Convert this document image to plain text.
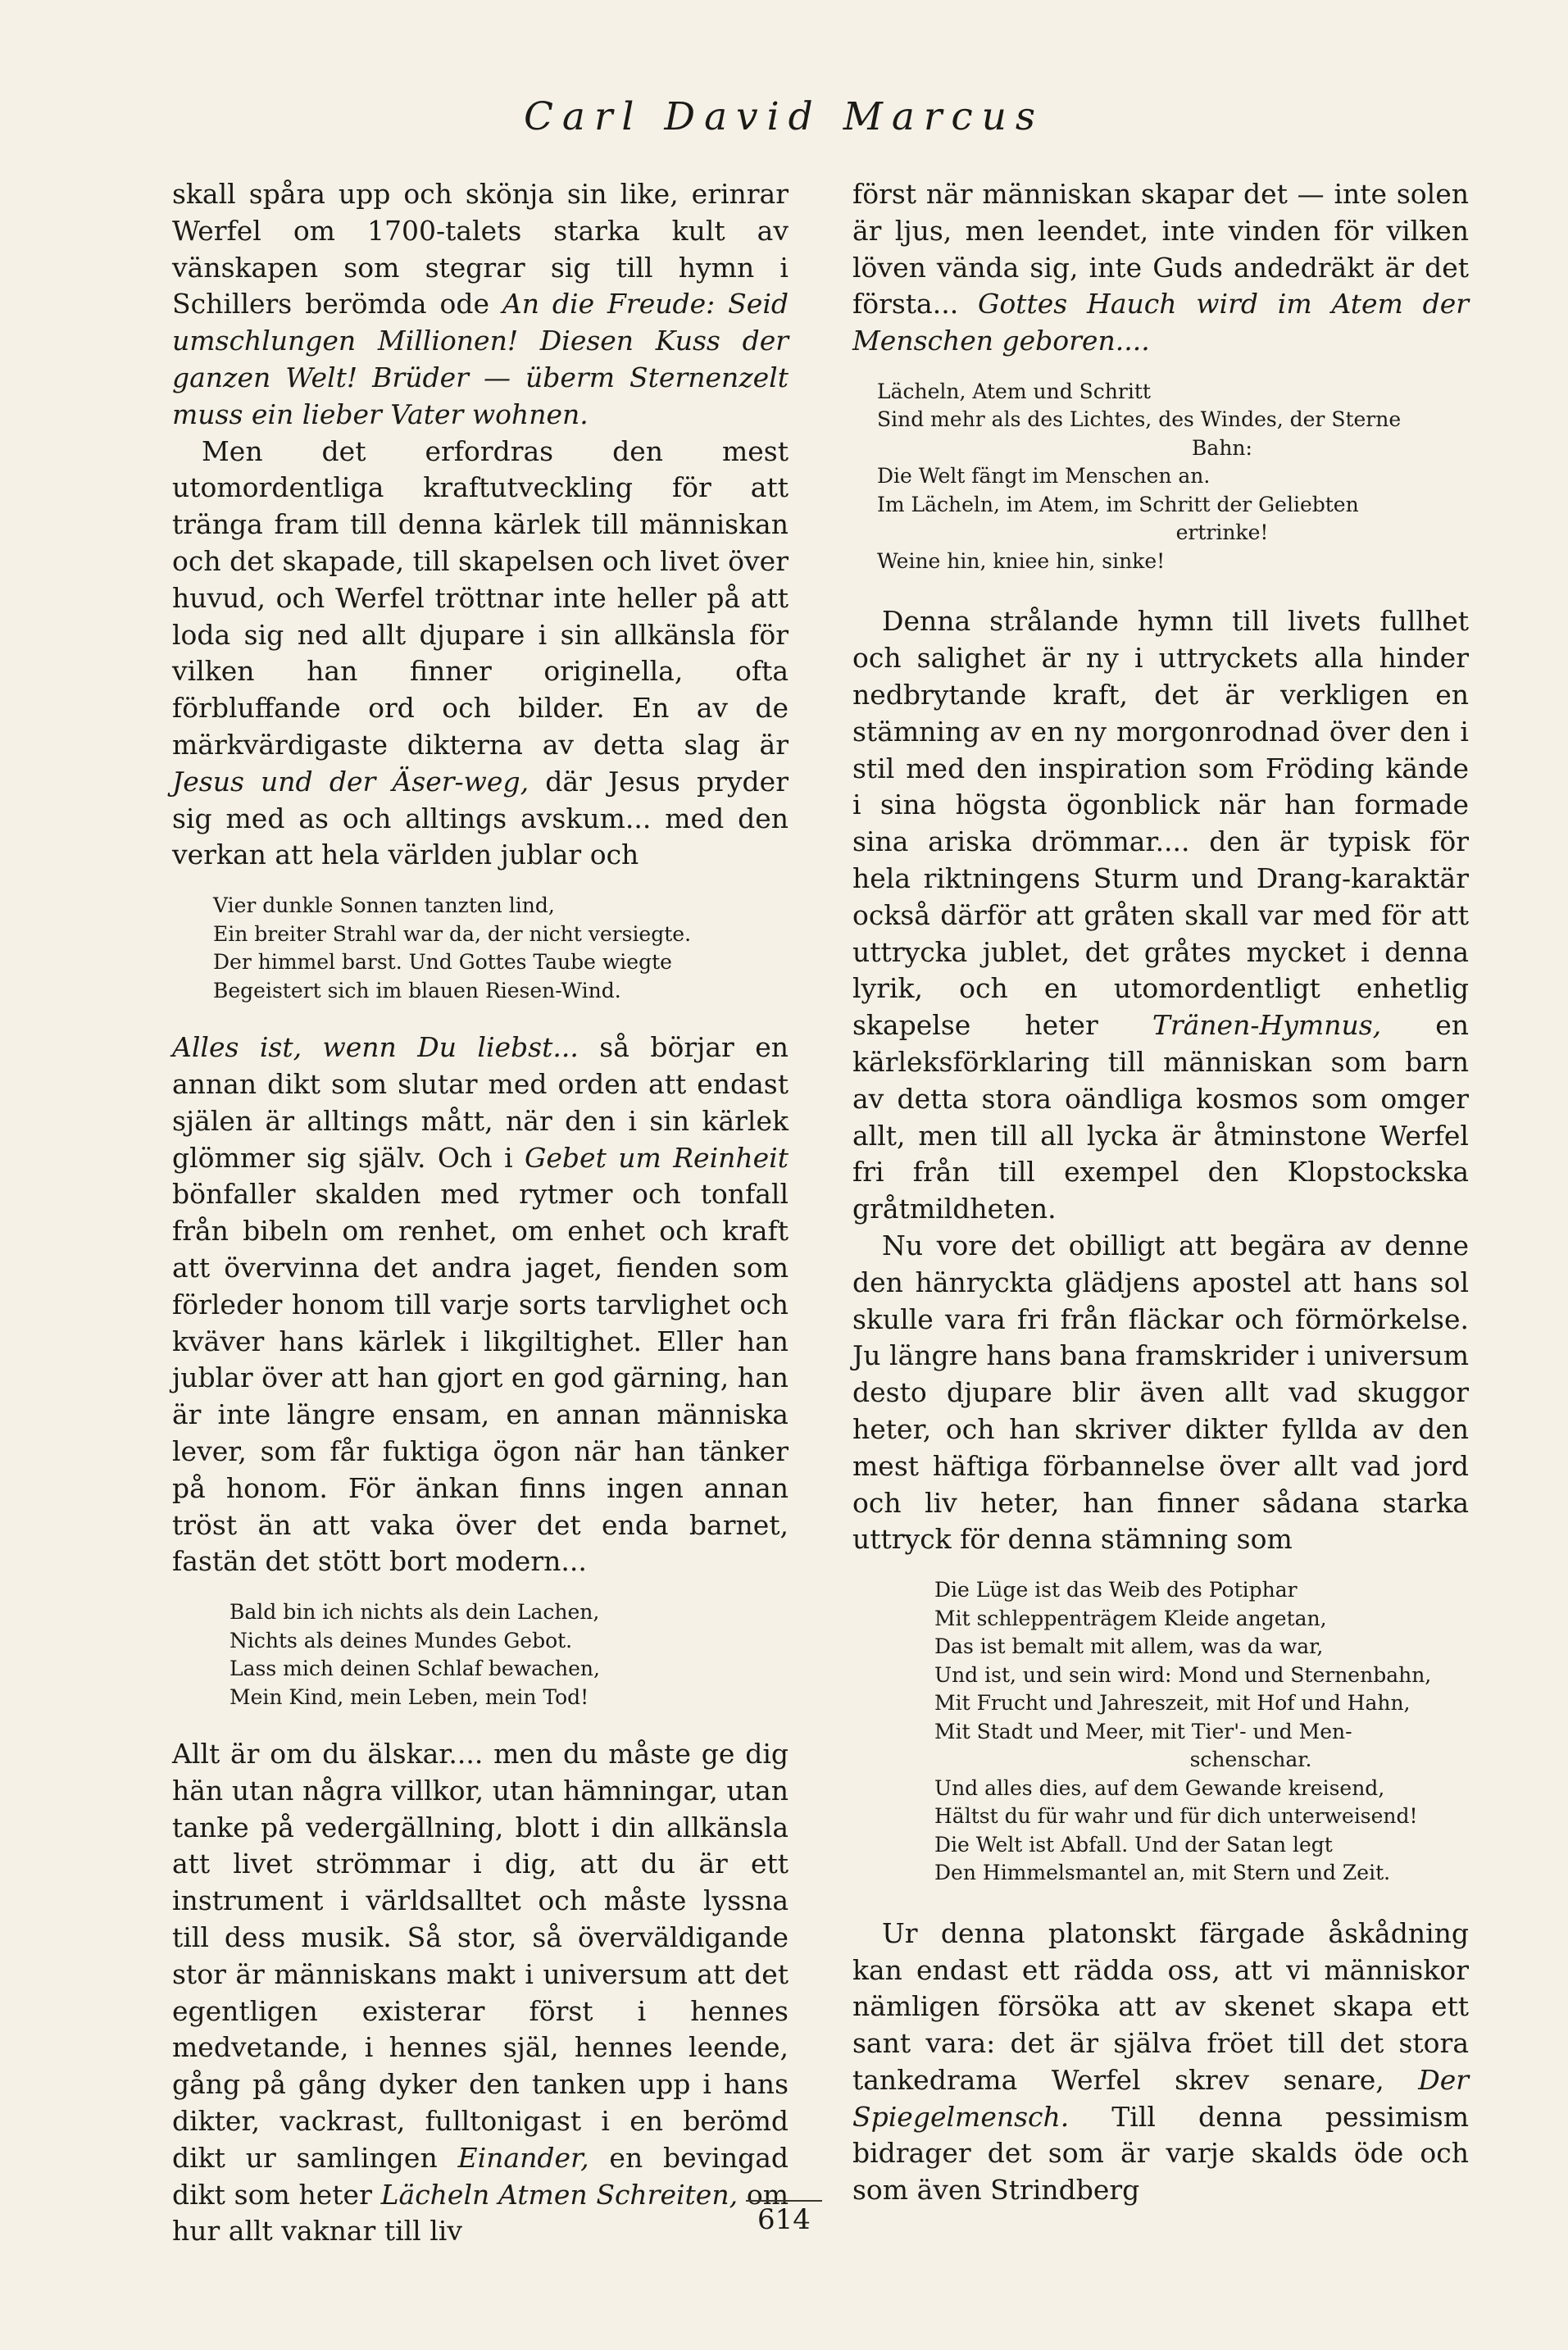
Carl David Marcus

skall spåra upp och skönja sin like, erinrar Werfel om 1700-talets starka kult av vänskapen som stegrar sig till hymn i Schillers berömda ode An die Freude: Seid umschlungen Millionen! Diesen Kuss der ganzen Welt! Brüder — überm Sternenzelt muss ein lieber Vater wohnen.

Men det erfordras den mest utomordentliga kraftutveckling för att tränga fram till denna kärlek till människan och det skapade, till skapelsen och livet över huvud, och Werfel tröttnar inte heller på att loda sig ned allt djupare i sin allkänsla för vilken han finner originella, ofta förbluffande ord och bilder. En av de märkvärdigaste dikterna av detta slag är Jesus und der Äser-weg, där Jesus pryder sig med as och alltings avskum... med den verkan att hela världen jublar och

Vier dunkle Sonnen tanzten lind,
Ein breiter Strahl war da, der nicht versiegte.
Der himmel barst. Und Gottes Taube wiegte
Begeistert sich im blauen Riesen-Wind.

Alles ist, wenn Du liebst... så börjar en annan dikt som slutar med orden att endast själen är alltings mått, när den i sin kärlek glömmer sig själv. Och i Gebet um Reinheit bönfaller skalden med rytmer och tonfall från bibeln om renhet, om enhet och kraft att övervinna det andra jaget, fienden som förleder honom till varje sorts tarvlighet och kväver hans kärlek i likgiltighet. Eller han jublar över att han gjort en god gärning, han är inte längre ensam, en annan människa lever, som får fuktiga ögon när han tänker på honom. För änkan finns ingen annan tröst än att vaka över det enda barnet, fastän det stött bort modern...

Bald bin ich nichts als dein Lachen,
Nichts als deines Mundes Gebot.
Lass mich deinen Schlaf bewachen,
Mein Kind, mein Leben, mein Tod!

Allt är om du älskar.... men du måste ge dig hän utan några villkor, utan hämningar, utan tanke på vedergällning, blott i din allkänsla att livet strömmar i dig, att du är ett instrument i världsalltet och måste lyssna till dess musik. Så stor, så överväldigande stor är människans makt i universum att det egentligen existerar först i hennes medvetande, i hennes själ, hennes leende, gång på gång dyker den tanken upp i hans dikter, vackrast, fulltonigast i en berömd dikt ur samlingen Einander, en bevingad dikt som heter Lächeln Atmen Schreiten, om hur allt vaknar till liv

först när människan skapar det — inte solen är ljus, men leendet, inte vinden för vilken löven vända sig, inte Guds andedräkt är det första... Gottes Hauch wird im Atem der Menschen geboren....

Lächeln, Atem und Schritt
Sind mehr als des Lichtes, des Windes, der Sterne
Bahn:
Die Welt fängt im Menschen an.
Im Lächeln, im Atem, im Schritt der Geliebten
ertrinke!
Weine hin, kniee hin, sinke!

Denna strålande hymn till livets fullhet och salighet är ny i uttryckets alla hinder nedbrytande kraft, det är verkligen en stämning av en ny morgonrodnad över den i stil med den inspiration som Fröding kände i sina högsta ögonblick när han formade sina ariska drömmar.... den är typisk för hela riktningens Sturm und Drang-karaktär också därför att gråten skall var med för att uttrycka jublet, det gråtes mycket i denna lyrik, och en utomordentligt enhetlig skapelse heter Tränen-Hymnus, en kärleksförklaring till människan som barn av detta stora oändliga kosmos som omger allt, men till all lycka är åtminstone Werfel fri från till exempel den Klopstockska gråtmildheten.

Nu vore det obilligt att begära av denne den hänryckta glädjens apostel att hans sol skulle vara fri från fläckar och förmörkelse. Ju längre hans bana framskrider i universum desto djupare blir även allt vad skuggor heter, och han skriver dikter fyllda av den mest häftiga förbannelse över allt vad jord och liv heter, han finner sådana starka uttryck för denna stämning som

Die Lüge ist das Weib des Potiphar
Mit schleppenträgem Kleide angetan,
Das ist bemalt mit allem, was da war,
Und ist, und sein wird: Mond und Sternenbahn,
Mit Frucht und Jahreszeit, mit Hof und Hahn,
Mit Stadt und Meer, mit Tier'- und Men-
schenschar.
Und alles dies, auf dem Gewande kreisend,
Hältst du für wahr und für dich unterweisend!
Die Welt ist Abfall. Und der Satan legt
Den Himmelsmantel an, mit Stern und Zeit.

Ur denna platonskt färgade åskådning kan endast ett rädda oss, att vi människor nämligen försöka att av skenet skapa ett sant vara: det är själva fröet till det stora tankedrama Werfel skrev senare, Der Spiegelmensch. Till denna pessimism bidrager det som är varje skalds öde och som även Strindberg

614
